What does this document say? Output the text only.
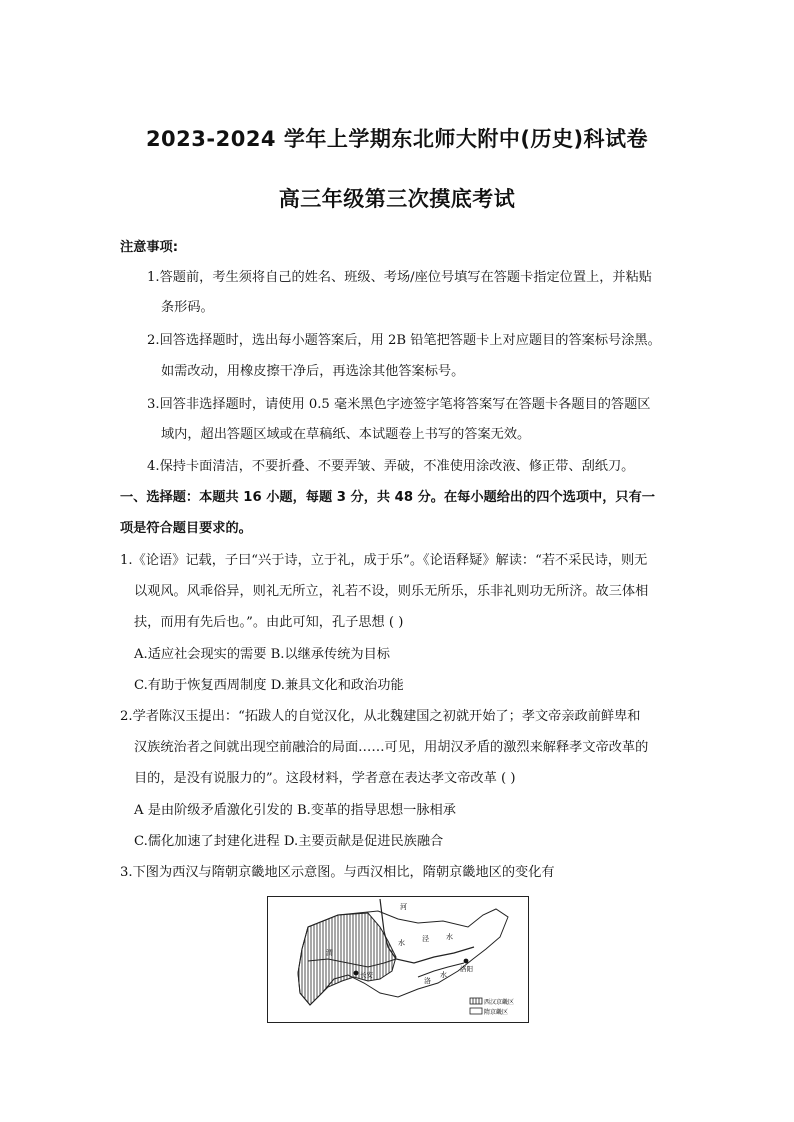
2023-2024 学年上学期东北师大附中(历史)科试卷
高三年级第三次摸底考试
注意事项:
1.答题前，考生须将自己的姓名、班级、考场/座位号填写在答题卡指定位置上，并粘贴
条形码。
2.回答选择题时，选出每小题答案后，用 2B 铅笔把答题卡上对应题目的答案标号涂黑。
如需改动，用橡皮擦干净后，再选涂其他答案标号。
3.回答非选择题时，请使用 0.5 毫米黑色字迹签字笔将答案写在答题卡各题目的答题区
域内，超出答题区域或在草稿纸、本试题卷上书写的答案无效。
4.保持卡面清洁，不要折叠、不要弄皱、弄破，不准使用涂改液、修正带、刮纸刀。
一、选择题：本题共 16 小题，每题 3 分，共 48 分。在每小题给出的四个选项中，只有一
项是符合题目要求的。
1.《论语》记载，子曰“兴于诗，立于礼，成于乐”。《论语释疑》解读：“若不采民诗，则无
以观风。风乖俗异，则礼无所立，礼若不设，则乐无所乐，乐非礼则功无所济。故三体相
扶，而用有先后也。”。由此可知，孔子思想 ( )
A.适应社会现实的需要 B.以继承传统为目标
C.有助于恢复西周制度 D.兼具文化和政治功能
2.学者陈汉玉提出：“拓跋人的自觉汉化，从北魏建国之初就开始了；孝文帝亲政前鲜卑和
汉族统治者之间就出现空前融洽的局面……可见，用胡汉矛盾的激烈来解释孝文帝改革的
目的，是没有说服力的”。这段材料，学者意在表达孝文帝改革 ( )
A 是由阶级矛盾激化引发的 B.变革的指导思想一脉相承
C.儒化加速了封建化进程 D.主要贡献是促进民族融合
3.下图为西汉与隋朝京畿地区示意图。与西汉相比，隋朝京畿地区的变化有
河
水
渭
洛
水
泾 水
长安
洛阳
西汉京畿区
隋京畿区
